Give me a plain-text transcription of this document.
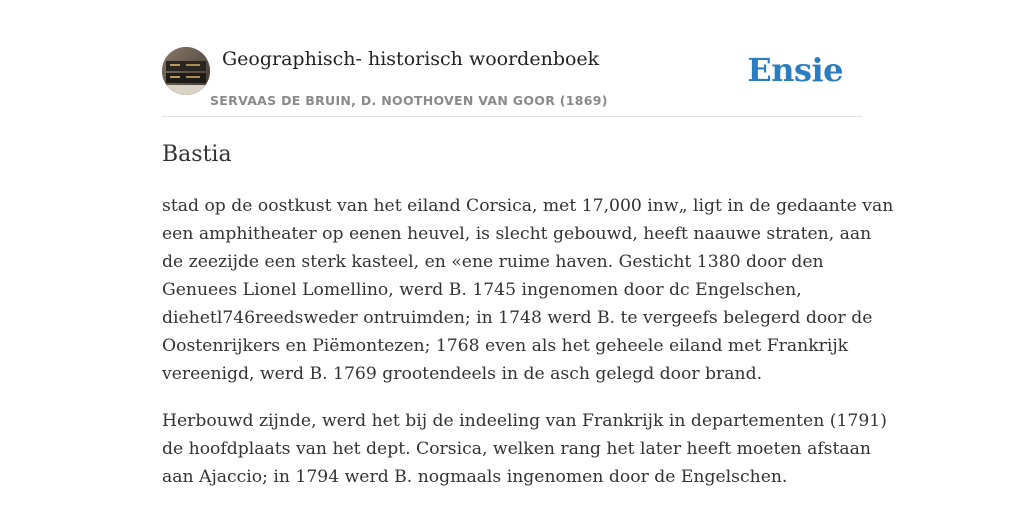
Geographisch- historisch woordenboek
SERVAAS DE BRUIN, D. NOOTHOVEN VAN GOOR (1869)
Ensie
Bastia

stad op de oostkust van het eiland Corsica, met 17,000 inw„ ligt in de gedaante van
een amphitheater op eenen heuvel, is slecht gebouwd, heeft naauwe straten, aan
de zeezijde een sterk kasteel, en «ene ruime haven. Gesticht 1380 door den
Genuees Lionel Lomellino, werd B. 1745 ingenomen door dc Engelschen,
diehetl746reedsweder ontruimden; in 1748 werd B. te vergeefs belegerd door de
Oostenrijkers en Piëmontezen; 1768 even als het geheele eiland met Frankrijk
vereenigd, werd B. 1769 grootendeels in de asch gelegd door brand.

Herbouwd zijnde, werd het bij de indeeling van Frankrijk in departementen (1791)
de hoofdplaats van het dept. Corsica, welken rang het later heeft moeten afstaan
aan Ajaccio; in 1794 werd B. nogmaals ingenomen door de Engelschen.
